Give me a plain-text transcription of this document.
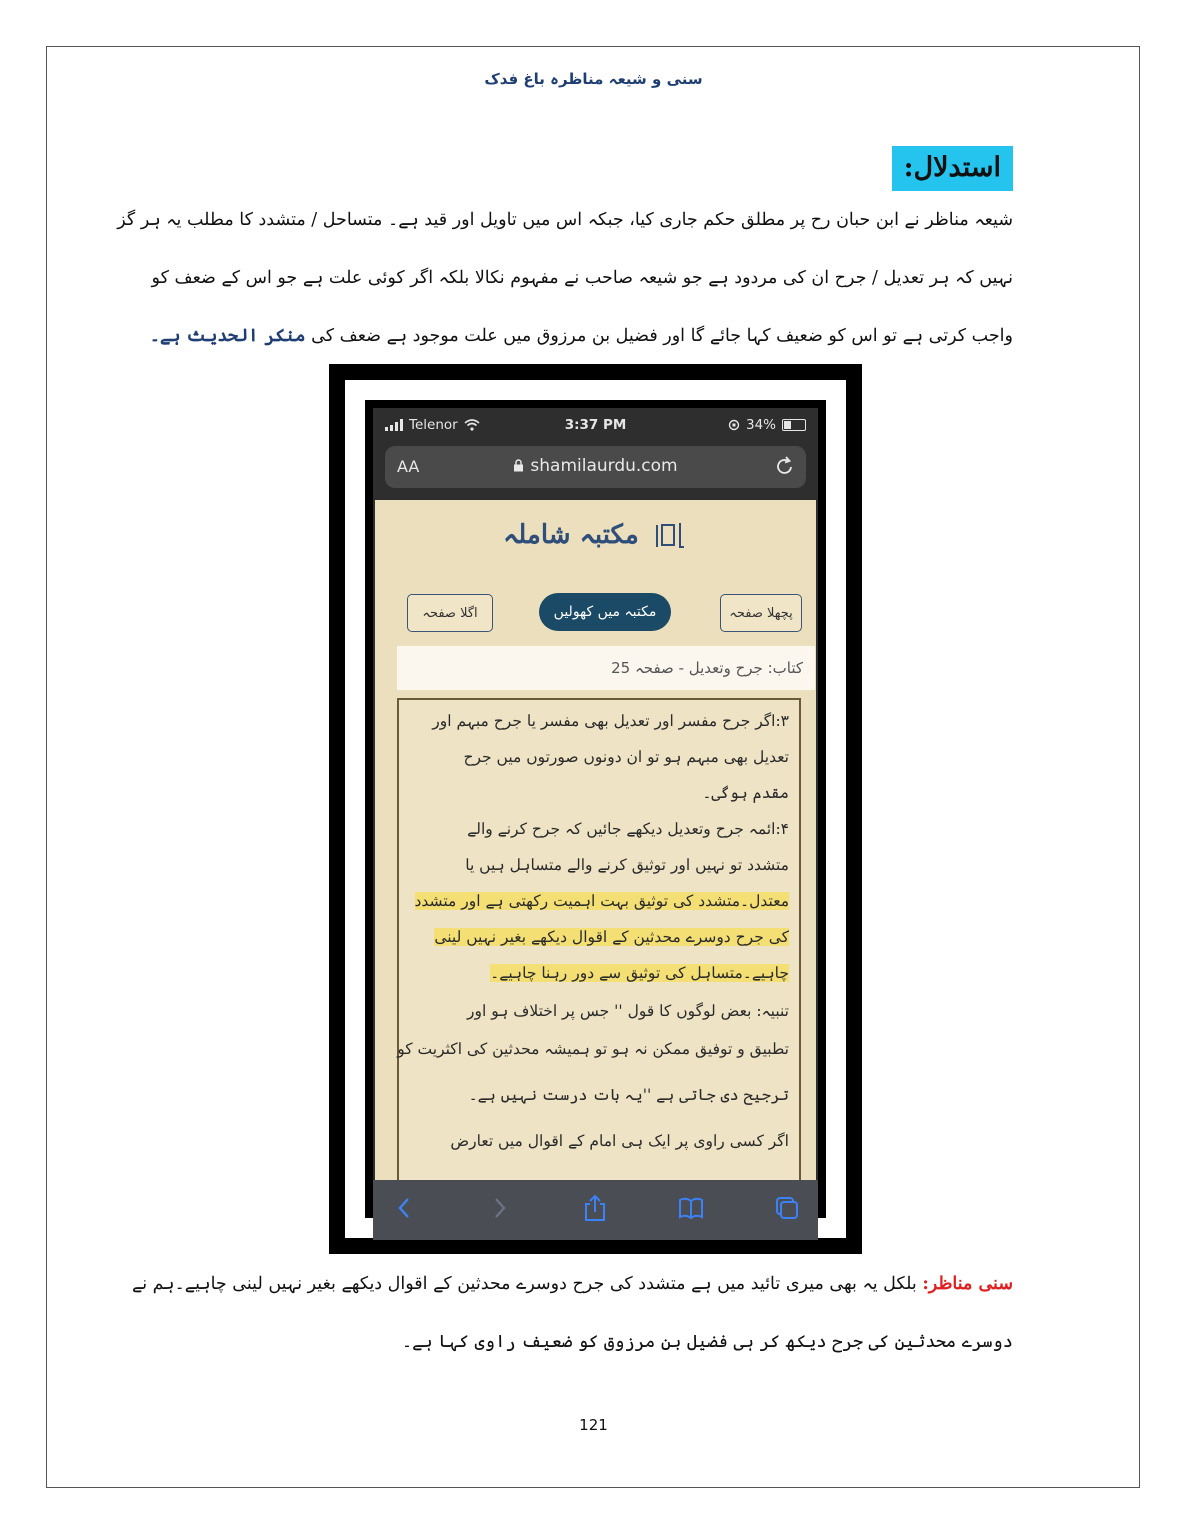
سنی و شیعہ مناظرہ باغ فدک
استدلال:
شیعہ مناظر نے ابن حبان رح پر مطلق حکم جاری کیا، جبکہ اس میں تاویل اور قید ہے۔ متساحل / متشدد کا مطلب یہ ہر گز
نہیں کہ ہر تعدیل / جرح ان کی مردود ہے جو شیعہ صاحب نے مفہوم نکالا بلکہ اگر کوئی علت ہے جو اس کے ضعف کو
واجب کرتی ہے تو اس کو ضعیف کہا جائے گا اور فضیل بن مرزوق میں علت موجود ہے ضعف کی منکر الحدیث ہے۔
Telenor	3:37 PM	34%
AA	shamilaurdu.com
مکتبہ شاملہ
اگلا صفحہ	مکتبہ میں کھولیں	پچھلا صفحہ
کتاب: جرح وتعدیل - صفحہ 25
۳:اگر جرح مفسر اور تعدیل بھی مفسر یا جرح مبہم اور
تعدیل بھی مبہم ہو تو ان دونوں صورتوں میں جرح
مقدم ہوگی۔
۴:ائمہ جرح وتعدیل دیکھے جائیں کہ جرح کرنے والے
متشدد تو نہیں اور توثیق کرنے والے متساہل ہیں یا
معتدل۔متشدد کی توثیق بہت اہمیت رکھتی ہے اور متشدد
کی جرح دوسرے محدثین کے اقوال دیکھے بغیر نہیں لینی
چاہیے۔متساہل کی توثیق سے دور رہنا چاہیے۔
تنبیہ: بعض لوگوں کا قول '' جس پر اختلاف ہو اور
تطبیق و توفیق ممکن نہ ہو تو ہمیشہ محدثین کی اکثریت کو
ترجیح دی جاتی ہے ''یہ بات درست نہیں ہے۔
اگر کسی راوی پر ایک ہی امام کے اقوال میں تعارض
سنی مناظر: بلکل یہ بھی میری تائید میں ہے متشدد کی جرح دوسرے محدثین کے اقوال دیکھے بغیر نہیں لینی چاہیے۔ہم نے
دوسرے محدثین کی جرح دیکھ کر ہی فضیل بن مرزوق کو ضعیف راوی کہا ہے۔
121
